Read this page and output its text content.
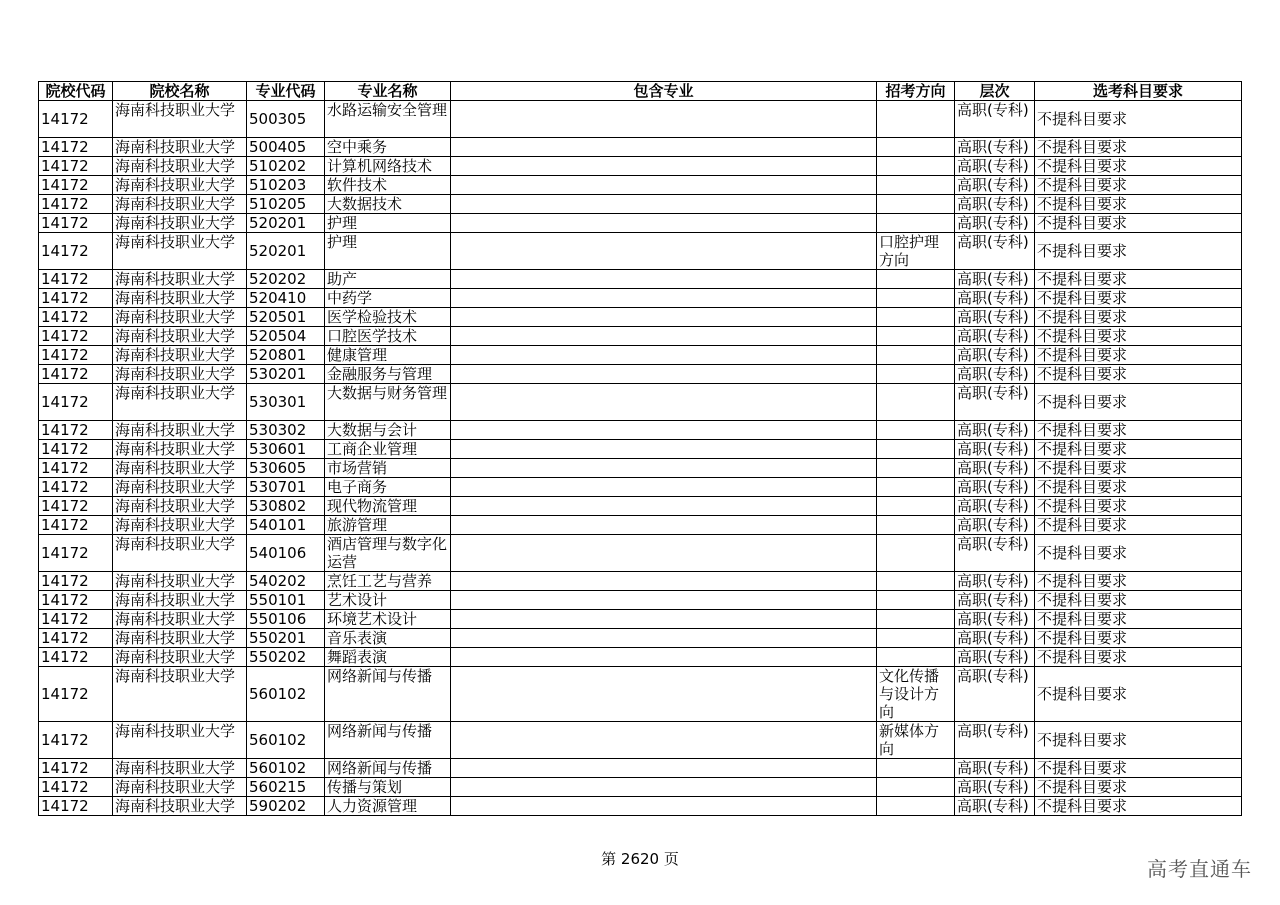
院校代码	院校名称	专业代码	专业名称	包含专业	招考方向	层次	选考科目要求

14172	海南科技职业大学	500305	水路运输安全管理			高职(专科)	不提科目要求

14172	海南科技职业大学	500405	空中乘务			高职(专科)	不提科目要求

14172	海南科技职业大学	510202	计算机网络技术			高职(专科)	不提科目要求

14172	海南科技职业大学	510203	软件技术			高职(专科)	不提科目要求

14172	海南科技职业大学	510205	大数据技术			高职(专科)	不提科目要求

14172	海南科技职业大学	520201	护理			高职(专科)	不提科目要求

14172	海南科技职业大学	520201	护理		口腔护理方向	高职(专科)	不提科目要求

14172	海南科技职业大学	520202	助产			高职(专科)	不提科目要求

14172	海南科技职业大学	520410	中药学			高职(专科)	不提科目要求

14172	海南科技职业大学	520501	医学检验技术			高职(专科)	不提科目要求

14172	海南科技职业大学	520504	口腔医学技术			高职(专科)	不提科目要求

14172	海南科技职业大学	520801	健康管理			高职(专科)	不提科目要求

14172	海南科技职业大学	530201	金融服务与管理			高职(专科)	不提科目要求

14172	海南科技职业大学	530301	大数据与财务管理			高职(专科)	不提科目要求

14172	海南科技职业大学	530302	大数据与会计			高职(专科)	不提科目要求

14172	海南科技职业大学	530601	工商企业管理			高职(专科)	不提科目要求

14172	海南科技职业大学	530605	市场营销			高职(专科)	不提科目要求

14172	海南科技职业大学	530701	电子商务			高职(专科)	不提科目要求

14172	海南科技职业大学	530802	现代物流管理			高职(专科)	不提科目要求

14172	海南科技职业大学	540101	旅游管理			高职(专科)	不提科目要求

14172	海南科技职业大学	540106	酒店管理与数字化运营			高职(专科)	不提科目要求

14172	海南科技职业大学	540202	烹饪工艺与营养			高职(专科)	不提科目要求

14172	海南科技职业大学	550101	艺术设计			高职(专科)	不提科目要求

14172	海南科技职业大学	550106	环境艺术设计			高职(专科)	不提科目要求

14172	海南科技职业大学	550201	音乐表演			高职(专科)	不提科目要求

14172	海南科技职业大学	550202	舞蹈表演			高职(专科)	不提科目要求

14172	海南科技职业大学	560102	网络新闻与传播		文化传播与设计方向	高职(专科)	不提科目要求

14172	海南科技职业大学	560102	网络新闻与传播		新媒体方向	高职(专科)	不提科目要求

14172	海南科技职业大学	560102	网络新闻与传播			高职(专科)	不提科目要求

14172	海南科技职业大学	560215	传播与策划			高职(专科)	不提科目要求

14172	海南科技职业大学	590202	人力资源管理			高职(专科)	不提科目要求
第 2620 页	高考直通车
